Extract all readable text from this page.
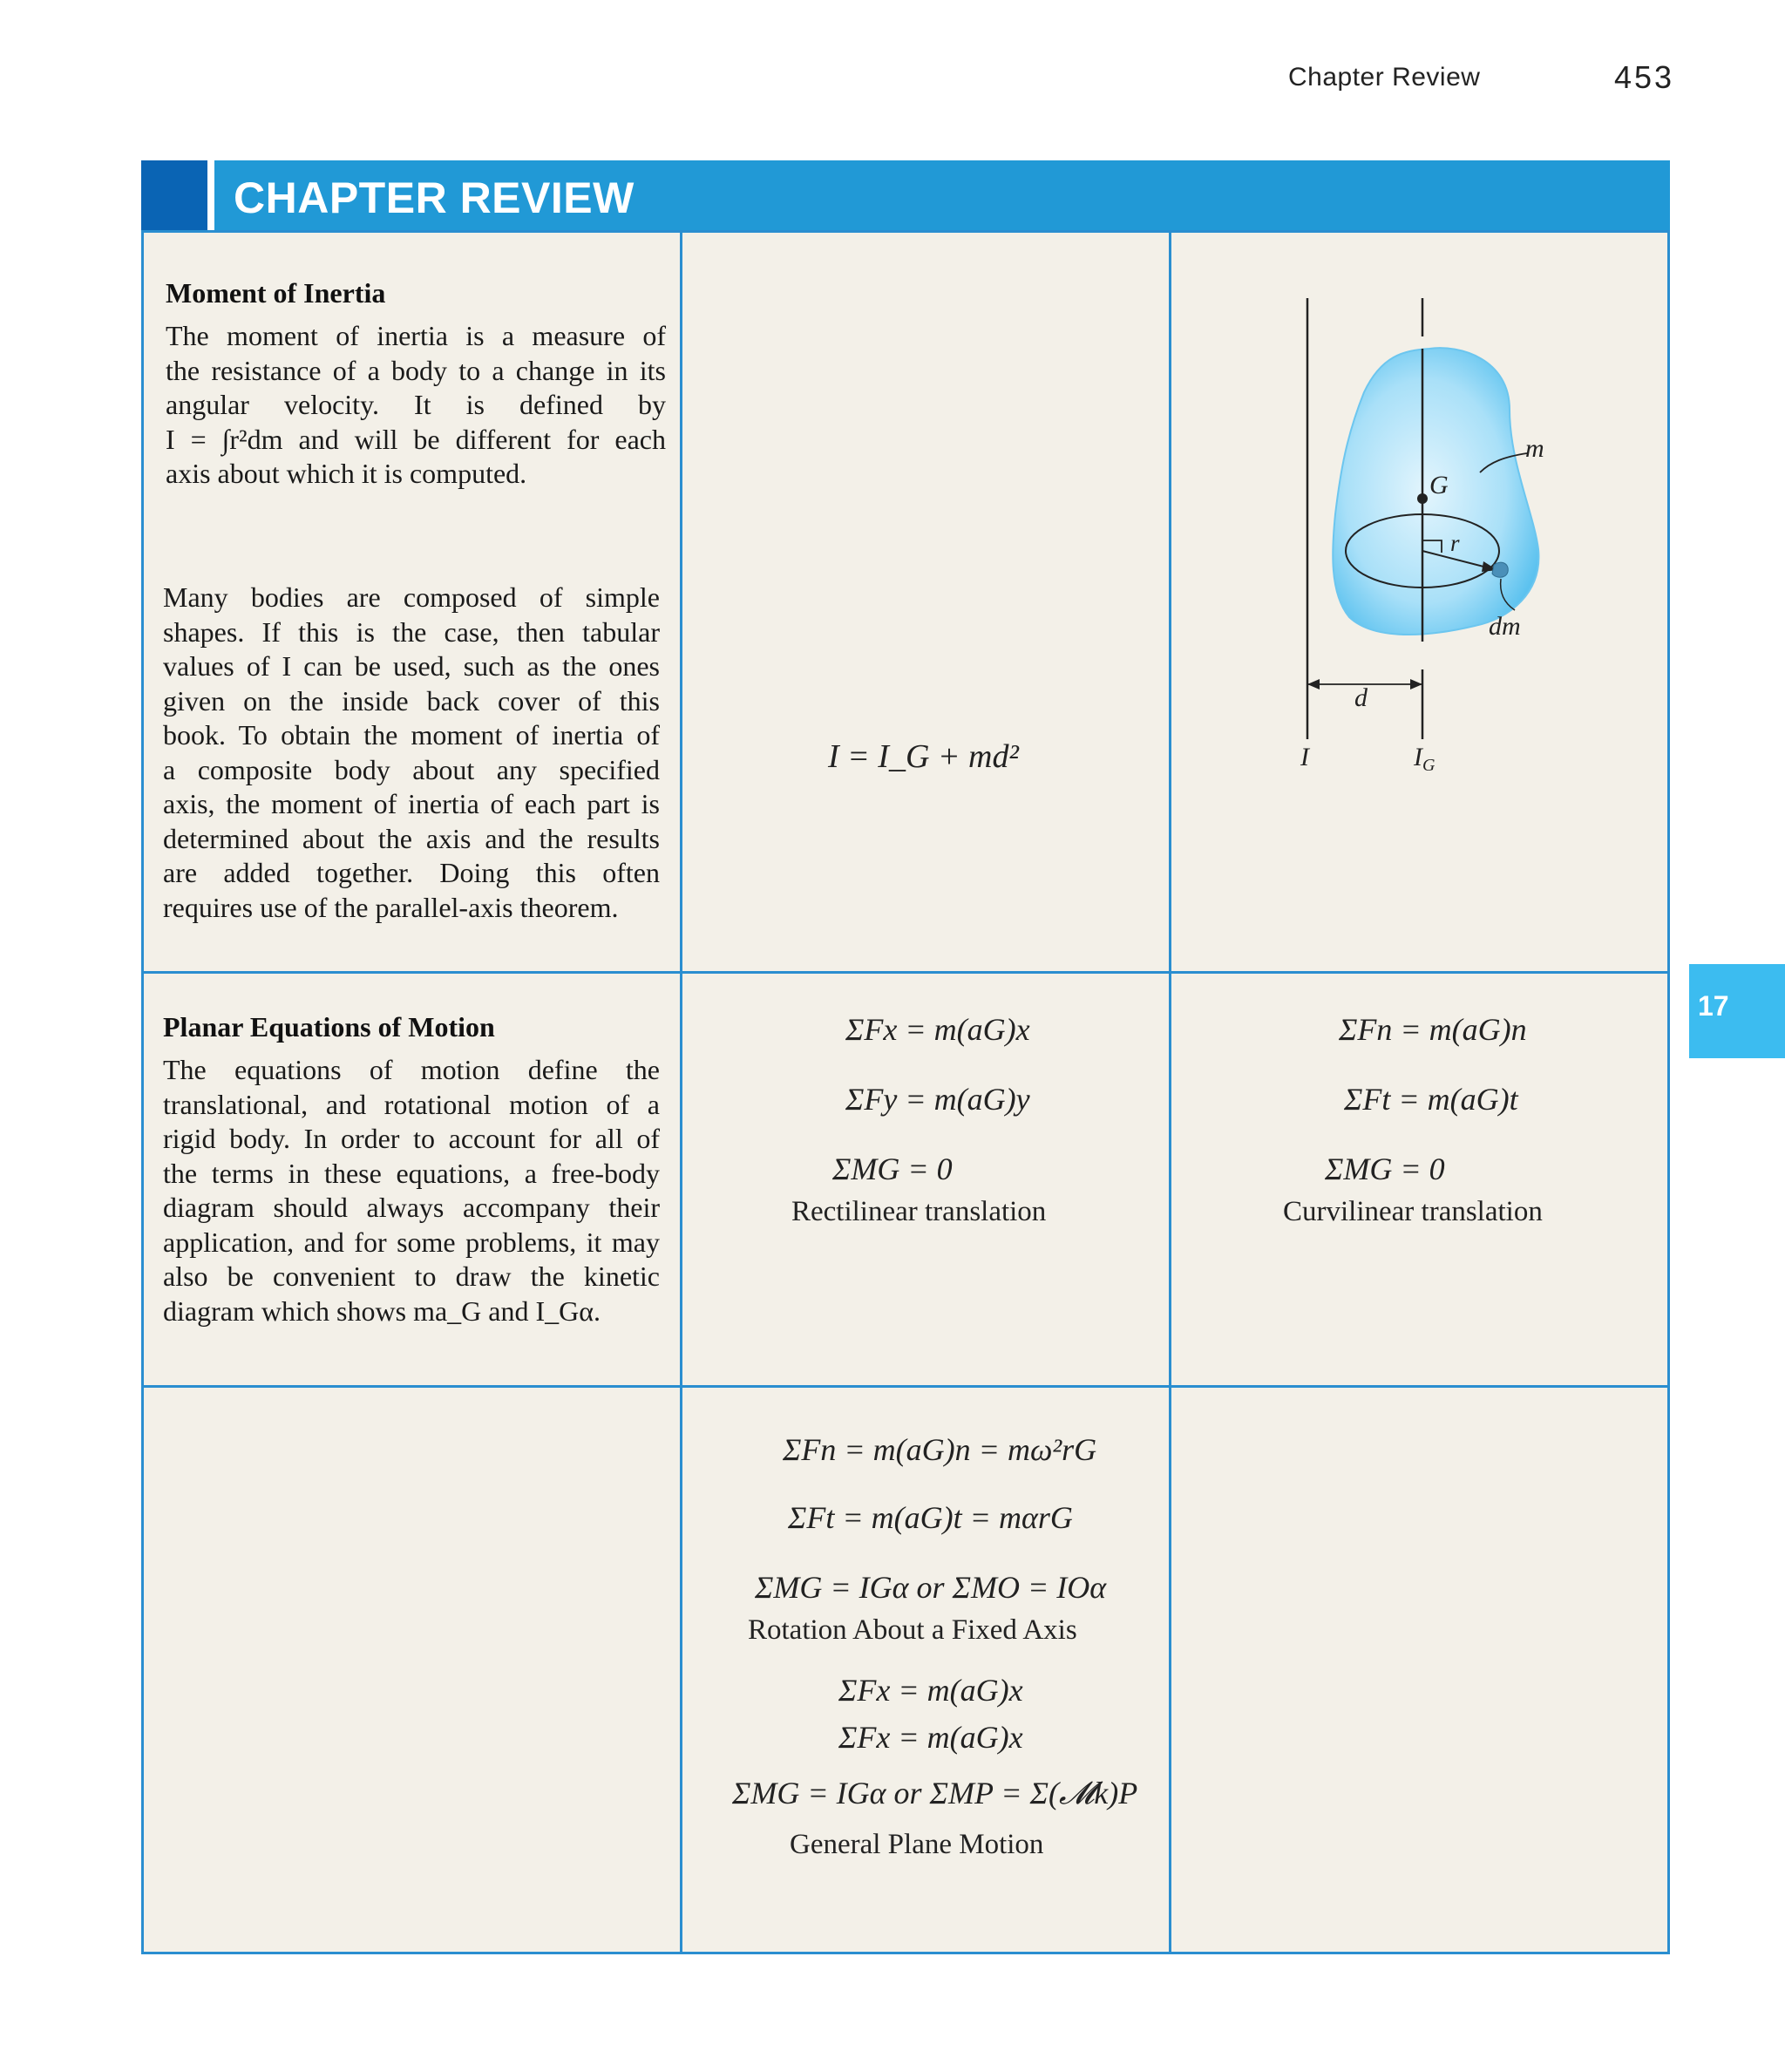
Chapter Review	453
CHAPTER REVIEW
17
Moment of Inertia
The moment of inertia is a measure of
the resistance of a body to a change in its
angular velocity. It is defined by
I = ∫r²dm and will be different for each
axis about which it is computed.
Many bodies are composed of simple
shapes. If this is the case, then tabular
values of I can be used, such as the ones
given on the inside back cover of this
book. To obtain the moment of inertia of
a composite body about any specified
axis, the moment of inertia of each part is
determined about the axis and the results
are added together. Doing this often
requires use of the parallel-axis theorem.
I = I_G + md²
m
G
r
dm
d
I	$I_G$
Planar Equations of Motion
The equations of motion define the
translational, and rotational motion of a
rigid body. In order to account for all of
the terms in these equations, a free-body
diagram should always accompany their
application, and for some problems, it may
also be convenient to draw the kinetic
diagram which shows ma_G and I_Gα.
ΣFx = m(aG)x
ΣFy = m(aG)y
ΣMG = 0
Rectilinear translation
ΣFn = m(aG)n
ΣFt = m(aG)t
ΣMG = 0
Curvilinear translation
ΣFn = m(aG)n = mω²rG
ΣFt = m(aG)t = mαrG
ΣMG = IGα or ΣMO = IOα
Rotation About a Fixed Axis
ΣFx = m(aG)x
ΣFx = m(aG)x
ΣMG = IGα or ΣMP = Σ(𝓜k)P
General Plane Motion
